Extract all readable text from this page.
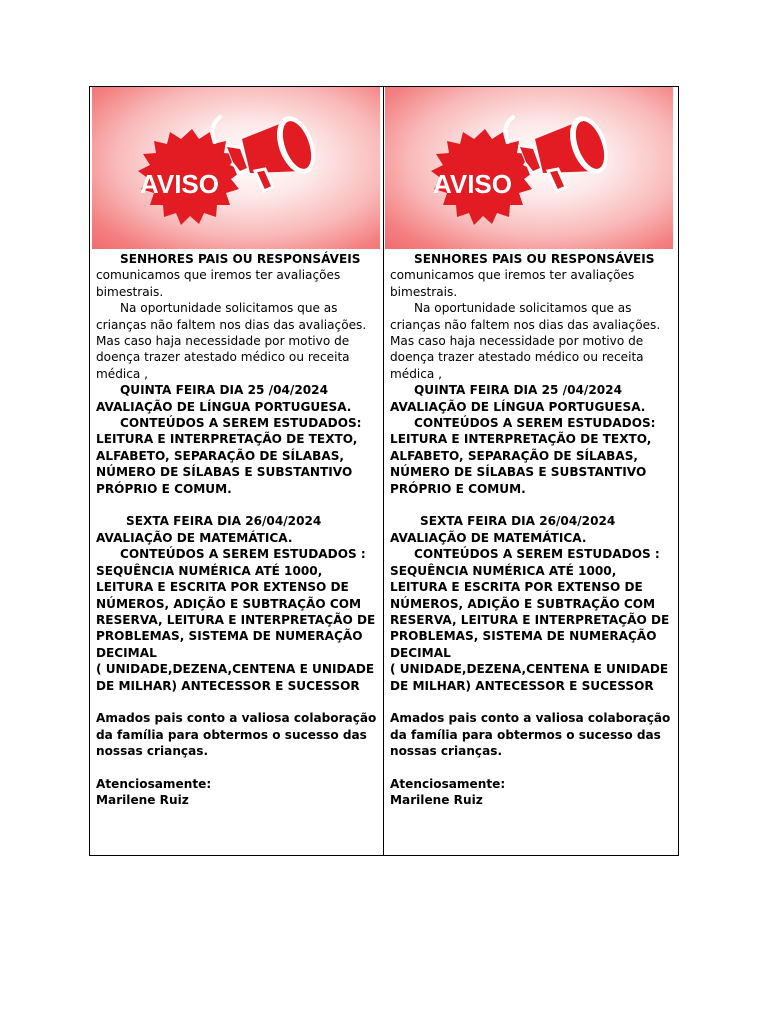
AVISO

SENHORES PAIS OU RESPONSÁVEIS

comunicamos que iremos ter avaliações bimestrais.

Na oportunidade solicitamos que as crianças não faltem nos dias das avaliações. Mas caso haja necessidade por motivo de doença trazer atestado médico ou receita médica ,

QUINTA FEIRA DIA 25 /04/2024 AVALIAÇÃO DE LÍNGUA PORTUGUESA.

CONTEÚDOS A SEREM ESTUDADOS:

LEITURA E INTERPRETAÇÃO DE TEXTO, ALFABETO, SEPARAÇÃO DE SÍLABAS, NÚMERO DE SÍLABAS E SUBSTANTIVO PRÓPRIO E COMUM.

SEXTA FEIRA DIA 26/04/2024 AVALIAÇÃO DE MATEMÁTICA.

CONTEÚDOS A SEREM ESTUDADOS :

SEQUÊNCIA NUMÉRICA ATÉ 1000, LEITURA E ESCRITA POR EXTENSO DE NÚMEROS, ADIÇÃO E SUBTRAÇÃO COM RESERVA, LEITURA E INTERPRETAÇÃO DE PROBLEMAS, SISTEMA DE NUMERAÇÃO DECIMAL

( UNIDADE,DEZENA,CENTENA E UNIDADE DE MILHAR) ANTECESSOR E SUCESSOR

Amados pais conto a valiosa colaboração da família para obtermos o sucesso das nossas crianças.

Atenciosamente:

Marilene Ruiz

AVISO

SENHORES PAIS OU RESPONSÁVEIS

comunicamos que iremos ter avaliações bimestrais.

Na oportunidade solicitamos que as crianças não faltem nos dias das avaliações. Mas caso haja necessidade por motivo de doença trazer atestado médico ou receita médica ,

QUINTA FEIRA DIA 25 /04/2024 AVALIAÇÃO DE LÍNGUA PORTUGUESA.

CONTEÚDOS A SEREM ESTUDADOS:

LEITURA E INTERPRETAÇÃO DE TEXTO, ALFABETO, SEPARAÇÃO DE SÍLABAS, NÚMERO DE SÍLABAS E SUBSTANTIVO PRÓPRIO E COMUM.

SEXTA FEIRA DIA 26/04/2024 AVALIAÇÃO DE MATEMÁTICA.

CONTEÚDOS A SEREM ESTUDADOS :

SEQUÊNCIA NUMÉRICA ATÉ 1000, LEITURA E ESCRITA POR EXTENSO DE NÚMEROS, ADIÇÃO E SUBTRAÇÃO COM RESERVA, LEITURA E INTERPRETAÇÃO DE PROBLEMAS, SISTEMA DE NUMERAÇÃO DECIMAL

( UNIDADE,DEZENA,CENTENA E UNIDADE DE MILHAR) ANTECESSOR E SUCESSOR

Amados pais conto a valiosa colaboração da família para obtermos o sucesso das nossas crianças.

Atenciosamente:

Marilene Ruiz
